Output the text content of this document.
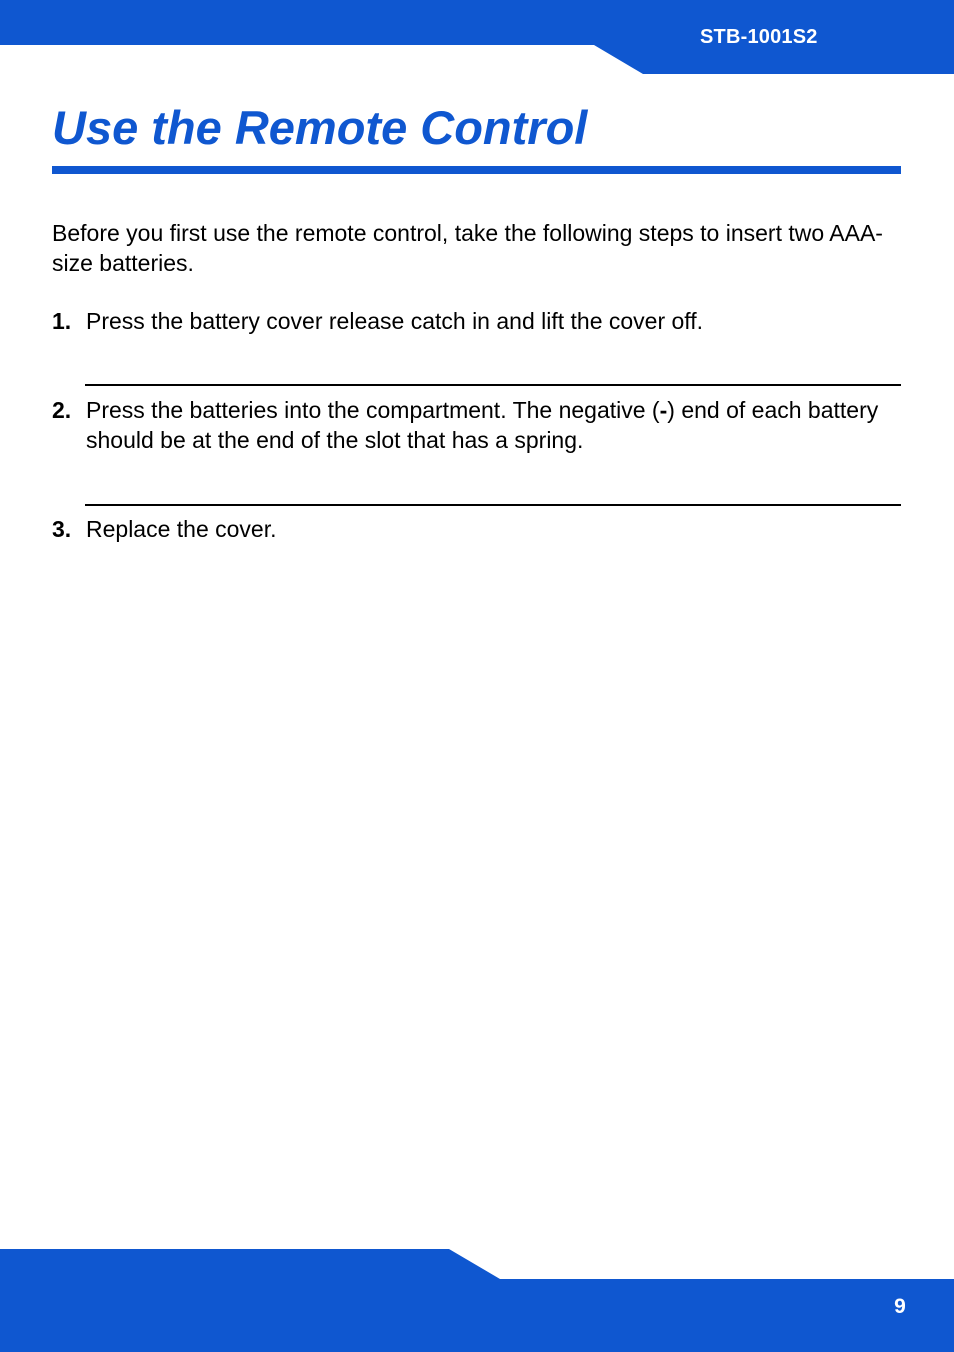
STB-1001S2
Use the Remote Control

Before you first use the remote control, take the following steps to insert two AAA-size batteries.

1. Press the battery cover release catch in and lift the cover off.
2. Press the batteries into the compartment. The negative (-) end of each battery should be at the end of the slot that has a spring.
3. Replace the cover.
9
